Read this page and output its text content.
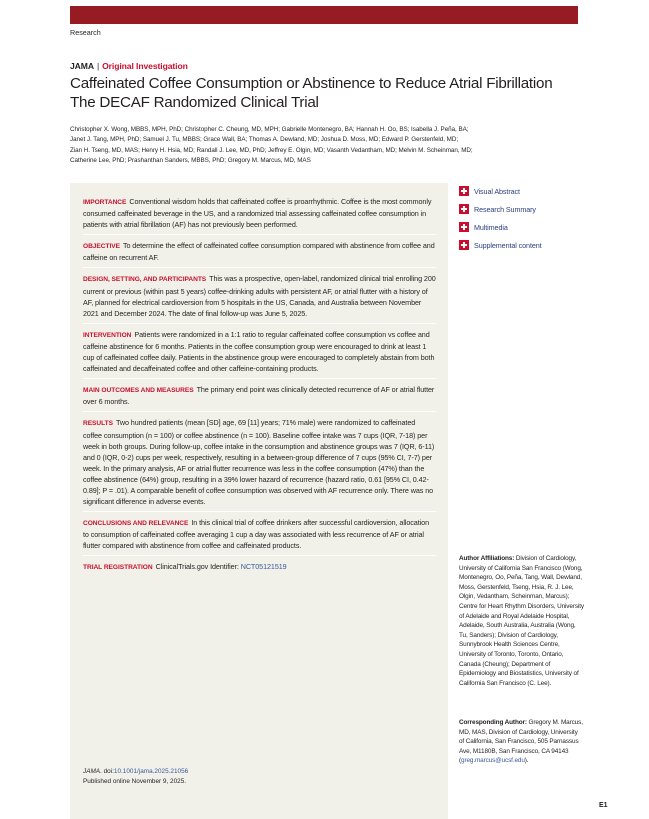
Research
JAMA | Original Investigation
Caffeinated Coffee Consumption or Abstinence to Reduce Atrial Fibrillation
The DECAF Randomized Clinical Trial
Christopher X. Wong, MBBS, MPH, PhD; Christopher C. Cheung, MD, MPH; Gabrielle Montenegro, BA; Hannah H. Oo, BS; Isabella J. Peña, BA;
Janet J. Tang, MPH, PhD; Samuel J. Tu, MBBS; Grace Wall, BA; Thomas A. Dewland, MD; Joshua D. Moss, MD; Edward P. Gerstenfeld, MD;
Zian H. Tseng, MD, MAS; Henry H. Hsia, MD; Randall J. Lee, MD, PhD; Jeffrey E. Olgin, MD; Vasanth Vedantham, MD; Melvin M. Scheinman, MD;
Catherine Lee, PhD; Prashanthan Sanders, MBBS, PhD; Gregory M. Marcus, MD, MAS

IMPORTANCE Conventional wisdom holds that caffeinated coffee is proarrhythmic. Coffee is the most commonly consumed caffeinated beverage in the US, and a randomized trial assessing caffeinated coffee consumption in patients with atrial fibrillation (AF) has not previously been performed.

OBJECTIVE To determine the effect of caffeinated coffee consumption compared with abstinence from coffee and caffeine on recurrent AF.

DESIGN, SETTING, AND PARTICIPANTS This was a prospective, open-label, randomized clinical trial enrolling 200 current or previous (within past 5 years) coffee-drinking adults with persistent AF, or atrial flutter with a history of AF, planned for electrical cardioversion from 5 hospitals in the US, Canada, and Australia between November 2021 and December 2024. The date of final follow-up was June 5, 2025.

INTERVENTION Patients were randomized in a 1:1 ratio to regular caffeinated coffee consumption vs coffee and caffeine abstinence for 6 months. Patients in the coffee consumption group were encouraged to drink at least 1 cup of caffeinated coffee daily. Patients in the abstinence group were encouraged to completely abstain from both caffeinated and decaffeinated coffee and other caffeine-containing products.

MAIN OUTCOMES AND MEASURES The primary end point was clinically detected recurrence of AF or atrial flutter over 6 months.

RESULTS Two hundred patients (mean [SD] age, 69 [11] years; 71% male) were randomized to caffeinated coffee consumption (n = 100) or coffee abstinence (n = 100). Baseline coffee intake was 7 cups (IQR, 7-18) per week in both groups. During follow-up, coffee intake in the consumption and abstinence groups was 7 (IQR, 6-11) and 0 (IQR, 0-2) cups per week, respectively, resulting in a between-group difference of 7 cups (95% CI, 7-7) per week. In the primary analysis, AF or atrial flutter recurrence was less in the coffee consumption (47%) than the coffee abstinence (64%) group, resulting in a 39% lower hazard of recurrence (hazard ratio, 0.61 [95% CI, 0.42-0.89]; P = .01). A comparable benefit of coffee consumption was observed with AF recurrence only. There was no significant difference in adverse events.

CONCLUSIONS AND RELEVANCE In this clinical trial of coffee drinkers after successful cardioversion, allocation to consumption of caffeinated coffee averaging 1 cup a day was associated with less recurrence of AF or atrial flutter compared with abstinence from coffee and caffeinated products.

TRIAL REGISTRATION ClinicalTrials.gov Identifier: NCT05121519

JAMA. doi:10.1001/jama.2025.21056
Published online November 9, 2025.
Visual Abstract
Research Summary
Multimedia
Supplemental content
Author Affiliations: Division of Cardiology, University of California San Francisco (Wong, Montenegro, Oo, Peña, Tang, Wall, Dewland, Moss, Gerstenfeld, Tseng, Hsia, R. J. Lee, Olgin, Vedantham, Scheinman, Marcus); Centre for Heart Rhythm Disorders, University of Adelaide and Royal Adelaide Hospital, Adelaide, South Australia, Australia (Wong, Tu, Sanders); Division of Cardiology, Sunnybrook Health Sciences Centre, University of Toronto, Toronto, Ontario, Canada (Cheung); Department of Epidemiology and Biostatistics, University of California San Francisco (C. Lee).
Corresponding Author: Gregory M. Marcus, MD, MAS, Division of Cardiology, University of California, San Francisco, 505 Parnassus Ave, M1180B, San Francisco, CA 94143 (greg.marcus@ucsf.edu).
E1
